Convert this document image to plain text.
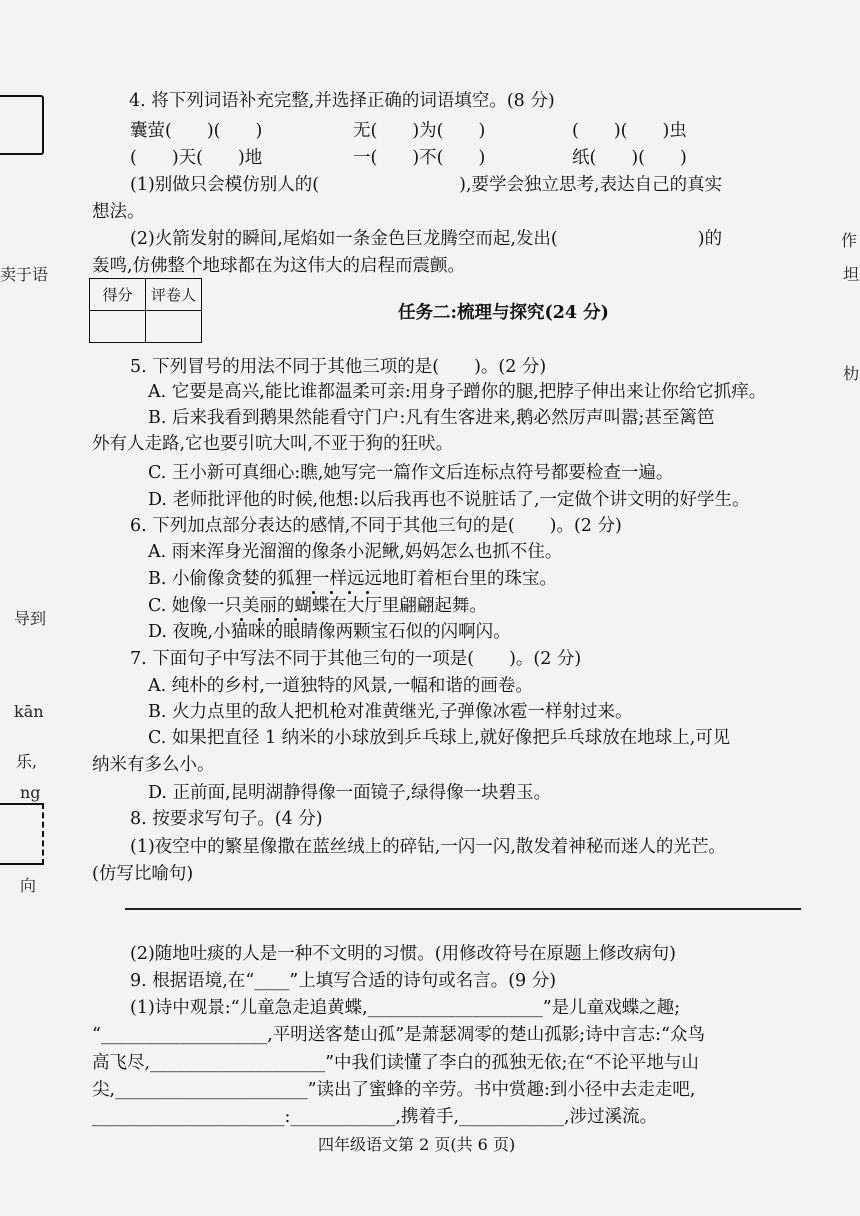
卖于语
导到
kān
乐,
ng
向
作
坦
朸
4. 将下列词语补充完整,并选择正确的词语填空。(8 分)
囊萤(　　)(　　)	无(　　)为(　　)	(　　)(　　)虫
(　　)天(　　)地	一(　　)不(　　)	纸(　　)(　　)
(1)别做只会模仿别人的(　　　　　　　　),要学会独立思考,表达自己的真实
想法。
(2)火箭发射的瞬间,尾焰如一条金色巨龙腾空而起,发出(　　　　　　　　)的
轰鸣,仿佛整个地球都在为这伟大的启程而震颤。
得分	评卷人

任务二:梳理与探究(24 分)
5. 下列冒号的用法不同于其他三项的是(　　)。(2 分)
A. 它要是高兴,能比谁都温柔可亲:用身子蹭你的腿,把脖子伸出来让你给它抓痒。
B. 后来我看到鹅果然能看守门户:凡有生客进来,鹅必然厉声叫嚣;甚至篱笆
外有人走路,它也要引吭大叫,不亚于狗的狂吠。
C. 王小新可真细心:瞧,她写完一篇作文后连标点符号都要检查一遍。
D. 老师批评他的时候,他想:以后我再也不说脏话了,一定做个讲文明的好学生。
6. 下列加点部分表达的感情,不同于其他三句的是(　　)。(2 分)
A. 雨来浑身光溜溜的像条小泥鳅,妈妈怎么也抓不住。
B. 小偷像贪婪的狐狸一样远远地盯着柜台里的珠宝。
C. 她像一只美丽的蝴蝶在大厅里翩翩起舞。
D. 夜晚,小猫咪的眼睛像两颗宝石似的闪啊闪。
7. 下面句子中写法不同于其他三句的一项是(　　)。(2 分)
A. 纯朴的乡村,一道独特的风景,一幅和谐的画卷。
B. 火力点里的敌人把机枪对准黄继光,子弹像冰雹一样射过来。
C. 如果把直径 1 纳米的小球放到乒乓球上,就好像把乒乓球放在地球上,可见
纳米有多么小。
D. 正前面,昆明湖静得像一面镜子,绿得像一块碧玉。
8. 按要求写句子。(4 分)
(1)夜空中的繁星像撒在蓝丝绒上的碎钻,一闪一闪,散发着神秘而迷人的光芒。
(仿写比喻句)
(2)随地吐痰的人是一种不文明的习惯。(用修改符号在原题上修改病句)
9. 根据语境,在“____”上填写合适的诗句或名言。(9 分)
(1)诗中观景:“儿童急走追黄蝶,____________________”是儿童戏蝶之趣;
“___________________,平明送客楚山孤”是萧瑟凋零的楚山孤影;诗中言志:“众鸟
高飞尽,____________________”中我们读懂了李白的孤独无依;在“不论平地与山
尖,______________________”读出了蜜蜂的辛劳。书中赏趣:到小径中去走走吧,
______________________:____________,携着手,____________,涉过溪流。
四年级语文第 2 页(共 6 页)
